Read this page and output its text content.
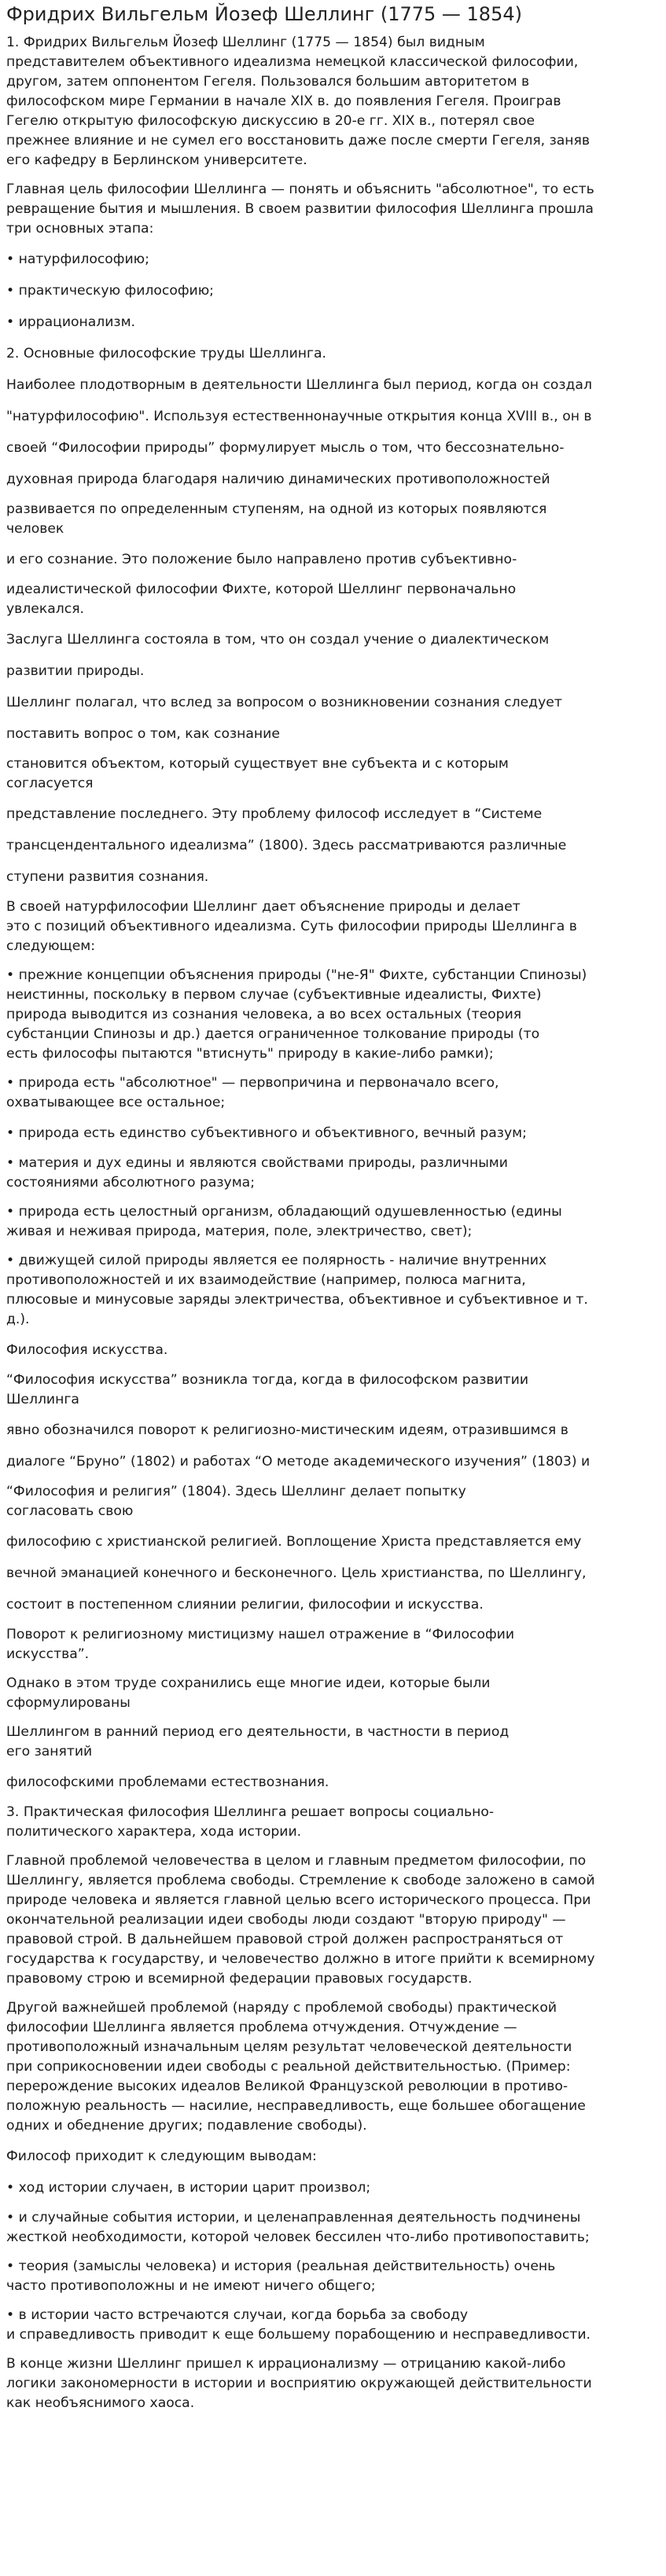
Фридрих Вильгельм Йозеф Шеллинг (1775 — 1854)

1. Фридрих Вильгельм Йозеф Шеллинг (1775 — 1854) был видным
представителем объективного идеализма немецкой классической философии,
другом, затем оппонентом Гегеля. Пользовался большим авторитетом в
философском мире Германии в начале XIX в. до появления Гегеля. Проиграв
Гегелю открытую философскую дискуссию в 20-е гг. XIX в., потерял свое
прежнее влияние и не сумел его восстановить даже после смерти Гегеля, заняв
его кафедру в Берлинском университете.

Главная цель философии Шеллинга — понять и объяснить "абсолютное", то есть
ревращение бытия и мышления. В своем развитии философия Шеллинга прошла
три основных этапа:

• натурфилософию;

• практическую философию;

• иррационализм.

2. Основные философские труды Шеллинга.

Наиболее плодотворным в деятельности Шеллинга был период, когда он создал

"натурфилософию". Используя естественнонаучные открытия конца XVIII в., он в

своей “Философии природы” формулирует мысль о том, что бессознательно-

духовная природа благодаря наличию динамических противоположностей

развивается по определенным ступеням, на одной из которых появляются
человек

и его сознание. Это положение было направлено против субъективно-

идеалистической философии Фихте, которой Шеллинг первоначально
увлекался.

Заслуга Шеллинга состояла в том, что он создал учение о диалектическом

развитии природы.

Шеллинг полагал, что вслед за вопросом о возникновении сознания следует

поставить вопрос о том, как сознание

становится объектом, который существует вне субъекта и с которым
согласуется

представление последнего. Эту проблему философ исследует в “Системе

трансцендентального идеализма” (1800). Здесь рассматриваются различные

ступени развития сознания.

В своей натурфилософии Шеллинг дает объяснение природы и делает
это с позиций объективного идеализма. Суть философии природы Шеллинга в
следующем:

• прежние концепции объяснения природы ("не-Я" Фихте, субстанции Спинозы)
неистинны, поскольку в первом случае (субъективные идеалисты, Фихте)
природа выводится из сознания человека, а во всех остальных (теория
субстанции Спинозы и др.) дается ограниченное толкование природы (то
есть философы пытаются "втиснуть" природу в какие-либо рамки);

• природа есть "абсолютное" — первопричина и первоначало всего,
охватывающее все остальное;

• природа есть единство субъективного и объективного, вечный разум;

• материя и дух едины и являются свойствами природы, различными
состояниями абсолютного разума;

• природа есть целостный организм, обладающий одушевленностью (едины
живая и неживая природа, материя, поле, электричество, свет);

• движущей силой природы является ее полярность - наличие внутренних
противоположностей и их взаимодействие (например, полюса магнита,
плюсовые и минусовые заряды электричества, объективное и субъективное и т.
д.).

Философия искусства.

“Философия искусства” возникла тогда, когда в философском развитии
Шеллинга

явно обозначился поворот к религиозно-мистическим идеям, отразившимся в

диалоге “Бруно” (1802) и работах “О методе академического изучения” (1803) и

“Философия и религия” (1804). Здесь Шеллинг делает попытку
согласовать свою

философию с христианской религией. Воплощение Христа представляется ему

вечной эманацией конечного и бесконечного. Цель христианства, по Шеллингу,

состоит в постепенном слиянии религии, философии и искусства.

Поворот к религиозному мистицизму нашел отражение в “Философии
искусства”.

Однако в этом труде сохранились еще многие идеи, которые были
сформулированы

Шеллингом в ранний период его деятельности, в частности в период
его занятий

философскими проблемами естествознания.

3. Практическая философия Шеллинга решает вопросы социально-
политического характера, хода истории.

Главной проблемой человечества в целом и главным предметом философии, по
Шеллингу, является проблема свободы. Стремление к свободе заложено в самой
природе человека и является главной целью всего исторического процесса. При
окончательной реализации идеи свободы люди создают "вторую природу" —
правовой строй. В дальнейшем правовой строй должен распространяться от
государства к государству, и человечество должно в итоге прийти к всемирному
правовому строю и всемирной федерации правовых государств.

Другой важнейшей проблемой (наряду с проблемой свободы) практической
философии Шеллинга является проблема отчуждения. Отчуждение —
противоположный изначальным целям результат человеческой деятельности
при соприкосновении идеи свободы с реальной действительностью. (Пример:
перерождение высоких идеалов Великой Французской революции в противо-
положную реальность — насилие, несправедливость, еще большее обогащение
одних и обеднение других; подавление свободы).

Философ приходит к следующим выводам:

• ход истории случаен, в истории царит произвол;

• и случайные события истории, и целенаправленная деятельность подчинены
жесткой необходимости, которой человек бессилен что-либо противопоставить;

• теория (замыслы человека) и история (реальная действительность) очень
часто противоположны и не имеют ничего общего;

• в истории часто встречаются случаи, когда борьба за свободу
и справедливость приводит к еще большему порабощению и несправедливости.

В конце жизни Шеллинг пришел к иррационализму — отрицанию какой-либо
логики закономерности в истории и восприятию окружающей действительности
как необъяснимого хаоса.
